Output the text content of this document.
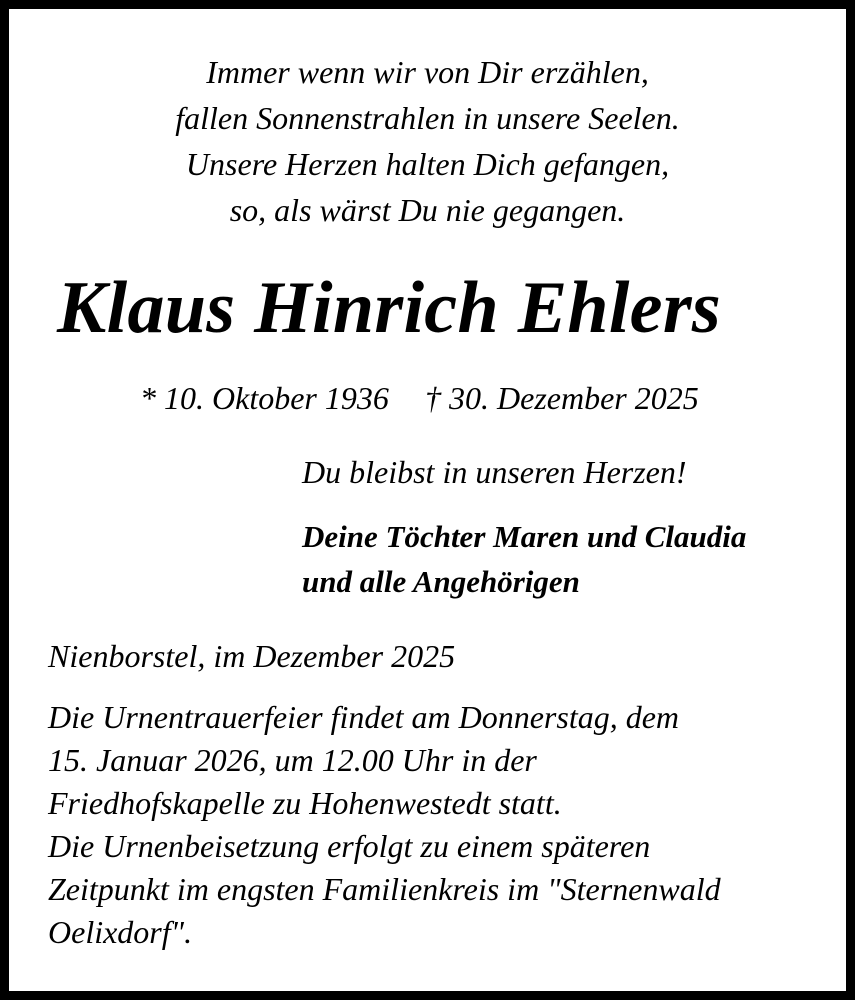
Immer wenn wir von Dir erzählen,
fallen Sonnenstrahlen in unsere Seelen.
Unsere Herzen halten Dich gefangen,
so, als wärst Du nie gegangen.
Klaus Hinrich Ehlers
* 10. Oktober 1936 † 30. Dezember 2025
Du bleibst in unseren Herzen!
Deine Töchter Maren und Claudia
und alle Angehörigen
Nienborstel, im Dezember 2025
Die Urnentrauerfeier findet am Donnerstag, dem
15. Januar 2026, um 12.00 Uhr in der
Friedhofskapelle zu Hohenwestedt statt.
Die Urnenbeisetzung erfolgt zu einem späteren
Zeitpunkt im engsten Familienkreis im "Sternenwald
Oelixdorf".
